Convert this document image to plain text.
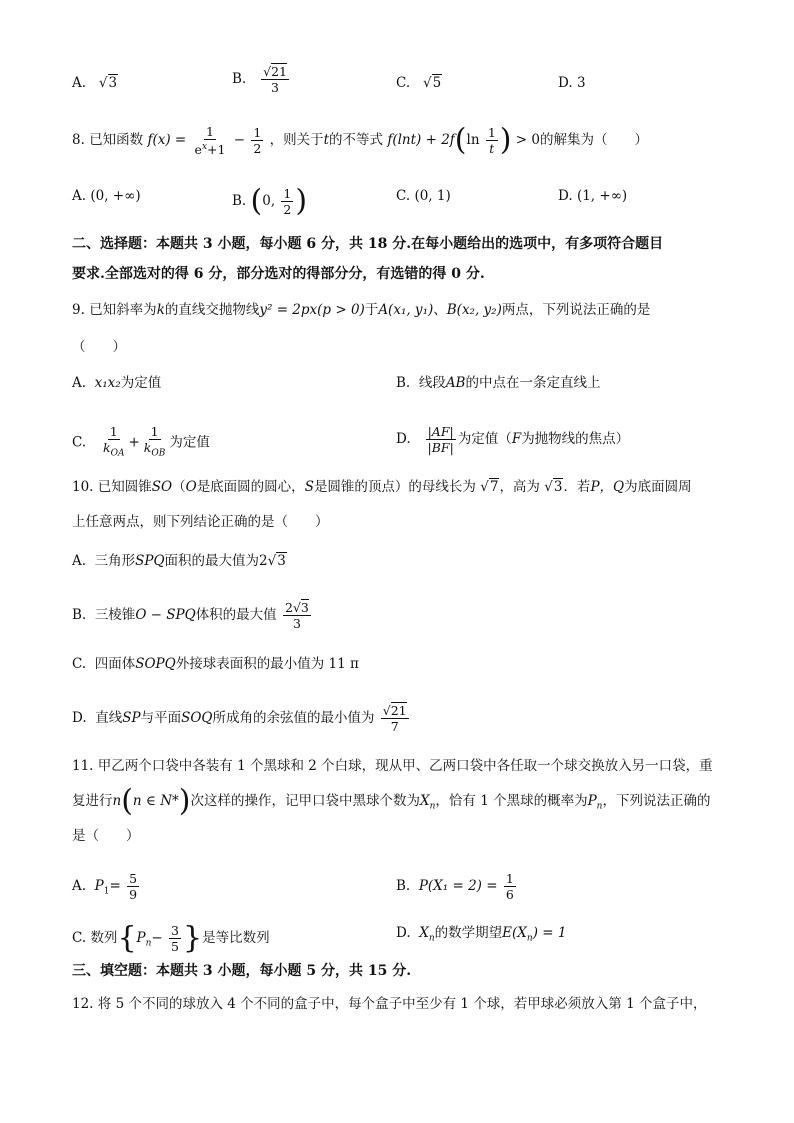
A. √3	B. $\frac{√21}{3}$	C. √5	D. 3
8. 已知函数 $f(x) = \frac{1}{e^x+1} - \frac{1}{2}$ ，则关于t的不等式 $f(\ln t) + 2f(\ln \frac{1}{t}$ ) > 0的解集为（　　）
A. (0, +∞)	B. (0, $\frac{1}{2}$ )	C. (0, 1)	D. (1, +∞)
二、选择题：本题共 3 小题，每小题 6 分，共 18 分.在每小题给出的选项中，有多项符合题目
要求.全部选对的得 6 分，部分选对的得部分分，有选错的得 0 分.
9. 已知斜率为k的直线交抛物线y² = 2px(p > 0)于A(x₁, y₁)、B(x₂, y₂)两点，下列说法正确的是
（　　）
A. x₁x₂为定值	B. 线段AB的中点在一条定直线上
C. $\frac{1}{k_{OA}} + \frac{1}{k_{OB}}$ 为定值	D. $\frac{|AF|}{|BF|}$ 为定值（F为抛物线的焦点）
10. 已知圆锥SO（O是底面圆的圆心，S是圆锥的顶点）的母线长为 √7，高为 √3．若P，Q为底面圆周
上任意两点，则下列结论正确的是（　　）
A. 三角形SPQ面积的最大值为2√3
B. 三棱锥O − SPQ体积的最大值 $\frac{2√3}{3}$
C. 四面体SOPQ外接球表面积的最小值为 11 π
D. 直线SP与平面SOQ所成角的余弦值的最小值为 $\frac{√21}{7}$
11. 甲乙两个口袋中各装有 1 个黑球和 2 个白球，现从甲、乙两口袋中各任取一个球交换放入另一口袋，重
复进行n(n ∈ N*)次这样的操作，记甲口袋中黑球个数为$X_n$，恰有 1 个黑球的概率为$P_n$，下列说法正确的
是（　　）
A. $P_1= \frac{5}{9}$	B. $P(X_1 = 2) = \frac{1}{6}$
C. 数列{$P_n- \frac{3}{5}$ }是等比数列	D. $X_n$的数学期望$E(X_n) = 1$
三、填空题：本题共 3 小题，每小题 5 分，共 15 分.
12. 将 5 个不同的球放入 4 个不同的盒子中，每个盒子中至少有 1 个球，若甲球必须放入第 1 个盒子中，
